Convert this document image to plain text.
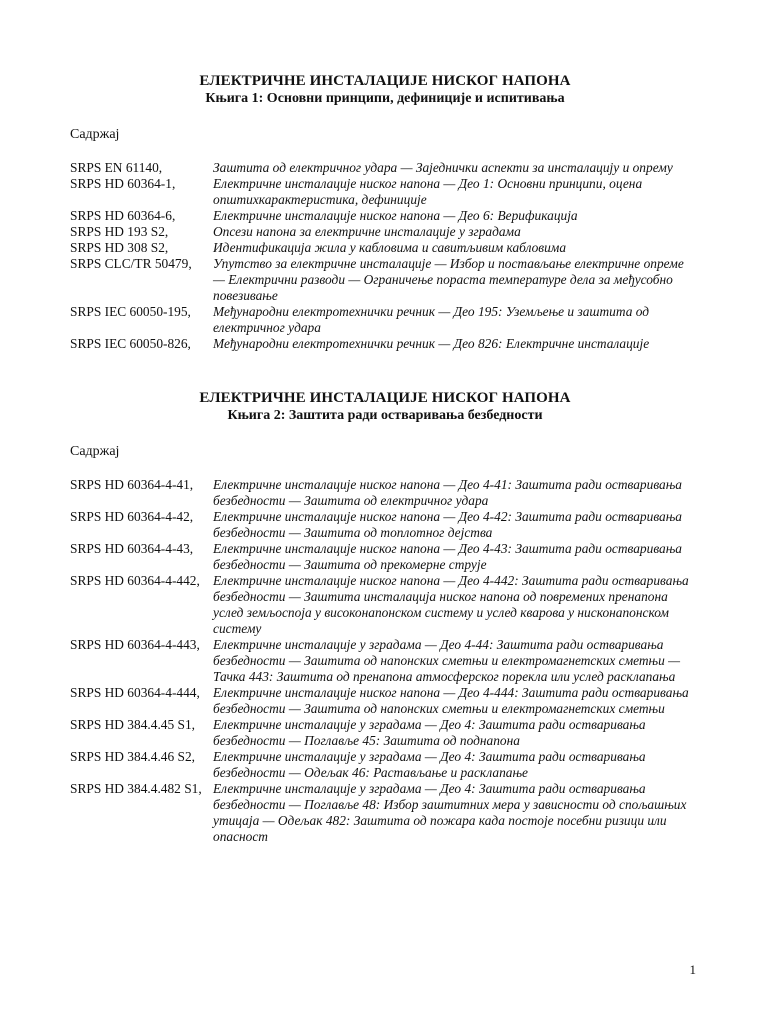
ЕЛЕКТРИЧНЕ ИНСТАЛАЦИЈЕ НИСКОГ НАПОНА

Књига 1: Основни принципи, дефиниције и испитивања

Садржај
SRPS EN 61140,	Заштита од електричног удара — Заједнички аспекти за инсталацију и опрему
SRPS HD 60364-1,	Електричне инсталације ниског напона — Део 1: Основни принципи, оцена општихкарактеристика, дефиниције
SRPS HD 60364-6,	Електричне инсталације ниског напона — Део 6: Верификација
SRPS HD 193 S2,	Опсези напона за електричне инсталације у зградама
SRPS HD 308 S2,	Идентификација жила у кабловима и савитљивим кабловима
SRPS CLC/TR 50479,	Упутство за електричне инсталације — Избор и постављање електричне опреме — Електрични разводи — Ограничење пораста температуре дела за међусобно повезивање
SRPS IEC 60050-195,	Међународни електротехнички речник — Део 195: Уземљење и заштита од електричног удара
SRPS IEC 60050-826,	Међународни електротехнички речник — Део 826: Електричне инсталације

ЕЛЕКТРИЧНЕ ИНСТАЛАЦИЈЕ НИСКОГ НАПОНА

Књига 2: Заштита ради остваривања безбедности

Садржај
SRPS HD 60364-4-41,	Електричне инсталације ниског напона — Део 4-41: Заштита ради остваривања безбедности — Заштита од електричног удара
SRPS HD 60364-4-42,	Електричне инсталације ниског напона — Део 4-42: Заштита ради остваривања безбедности — Заштита од топлотног дејства
SRPS HD 60364-4-43,	Електричне инсталације ниског напона — Део 4-43: Заштита ради остваривања безбедности — Заштита од прекомерне струје
SRPS HD 60364-4-442, Електричне инсталације ниског напона — Део 4-442: Заштита ради остваривања безбедности — Заштита инсталација ниског напона од повремених пренапона услед земљоспоја у високонапонском систему и услед кварова у нисконапонском систему
SRPS HD 60364-4-443, Електричне инсталације у зградама — Део 4-44: Заштита ради остваривања безбедности — Заштита од напонских сметњи и електромагнетских сметњи — Тачка 443: Заштита од пренапона атмосферског порекла или услед расклапања
SRPS HD 60364-4-444, Електричне инсталације ниског напона — Део 4-444: Заштита ради остваривања безбедности — Заштита од напонских сметњи и електромагнетских сметњи
SRPS HD 384.4.45 S1,	Електричне инсталације у зградама — Део 4: Заштита ради остваривања безбедности — Поглавље 45: Заштита од поднапона
SRPS HD 384.4.46 S2,	Електричне инсталације у зградама — Део 4: Заштита ради остваривања безбедности — Одељак 46: Растављање и расклапање
SRPS HD 384.4.482 S1, Електричне инсталације у зградама — Део 4: Заштита ради остваривања безбедности — Поглавље 48: Избор заштитних мера у зависности од спољашњих утицаја — Одељак 482: Заштита од пожара када постоје посебни ризици или опасност
1
